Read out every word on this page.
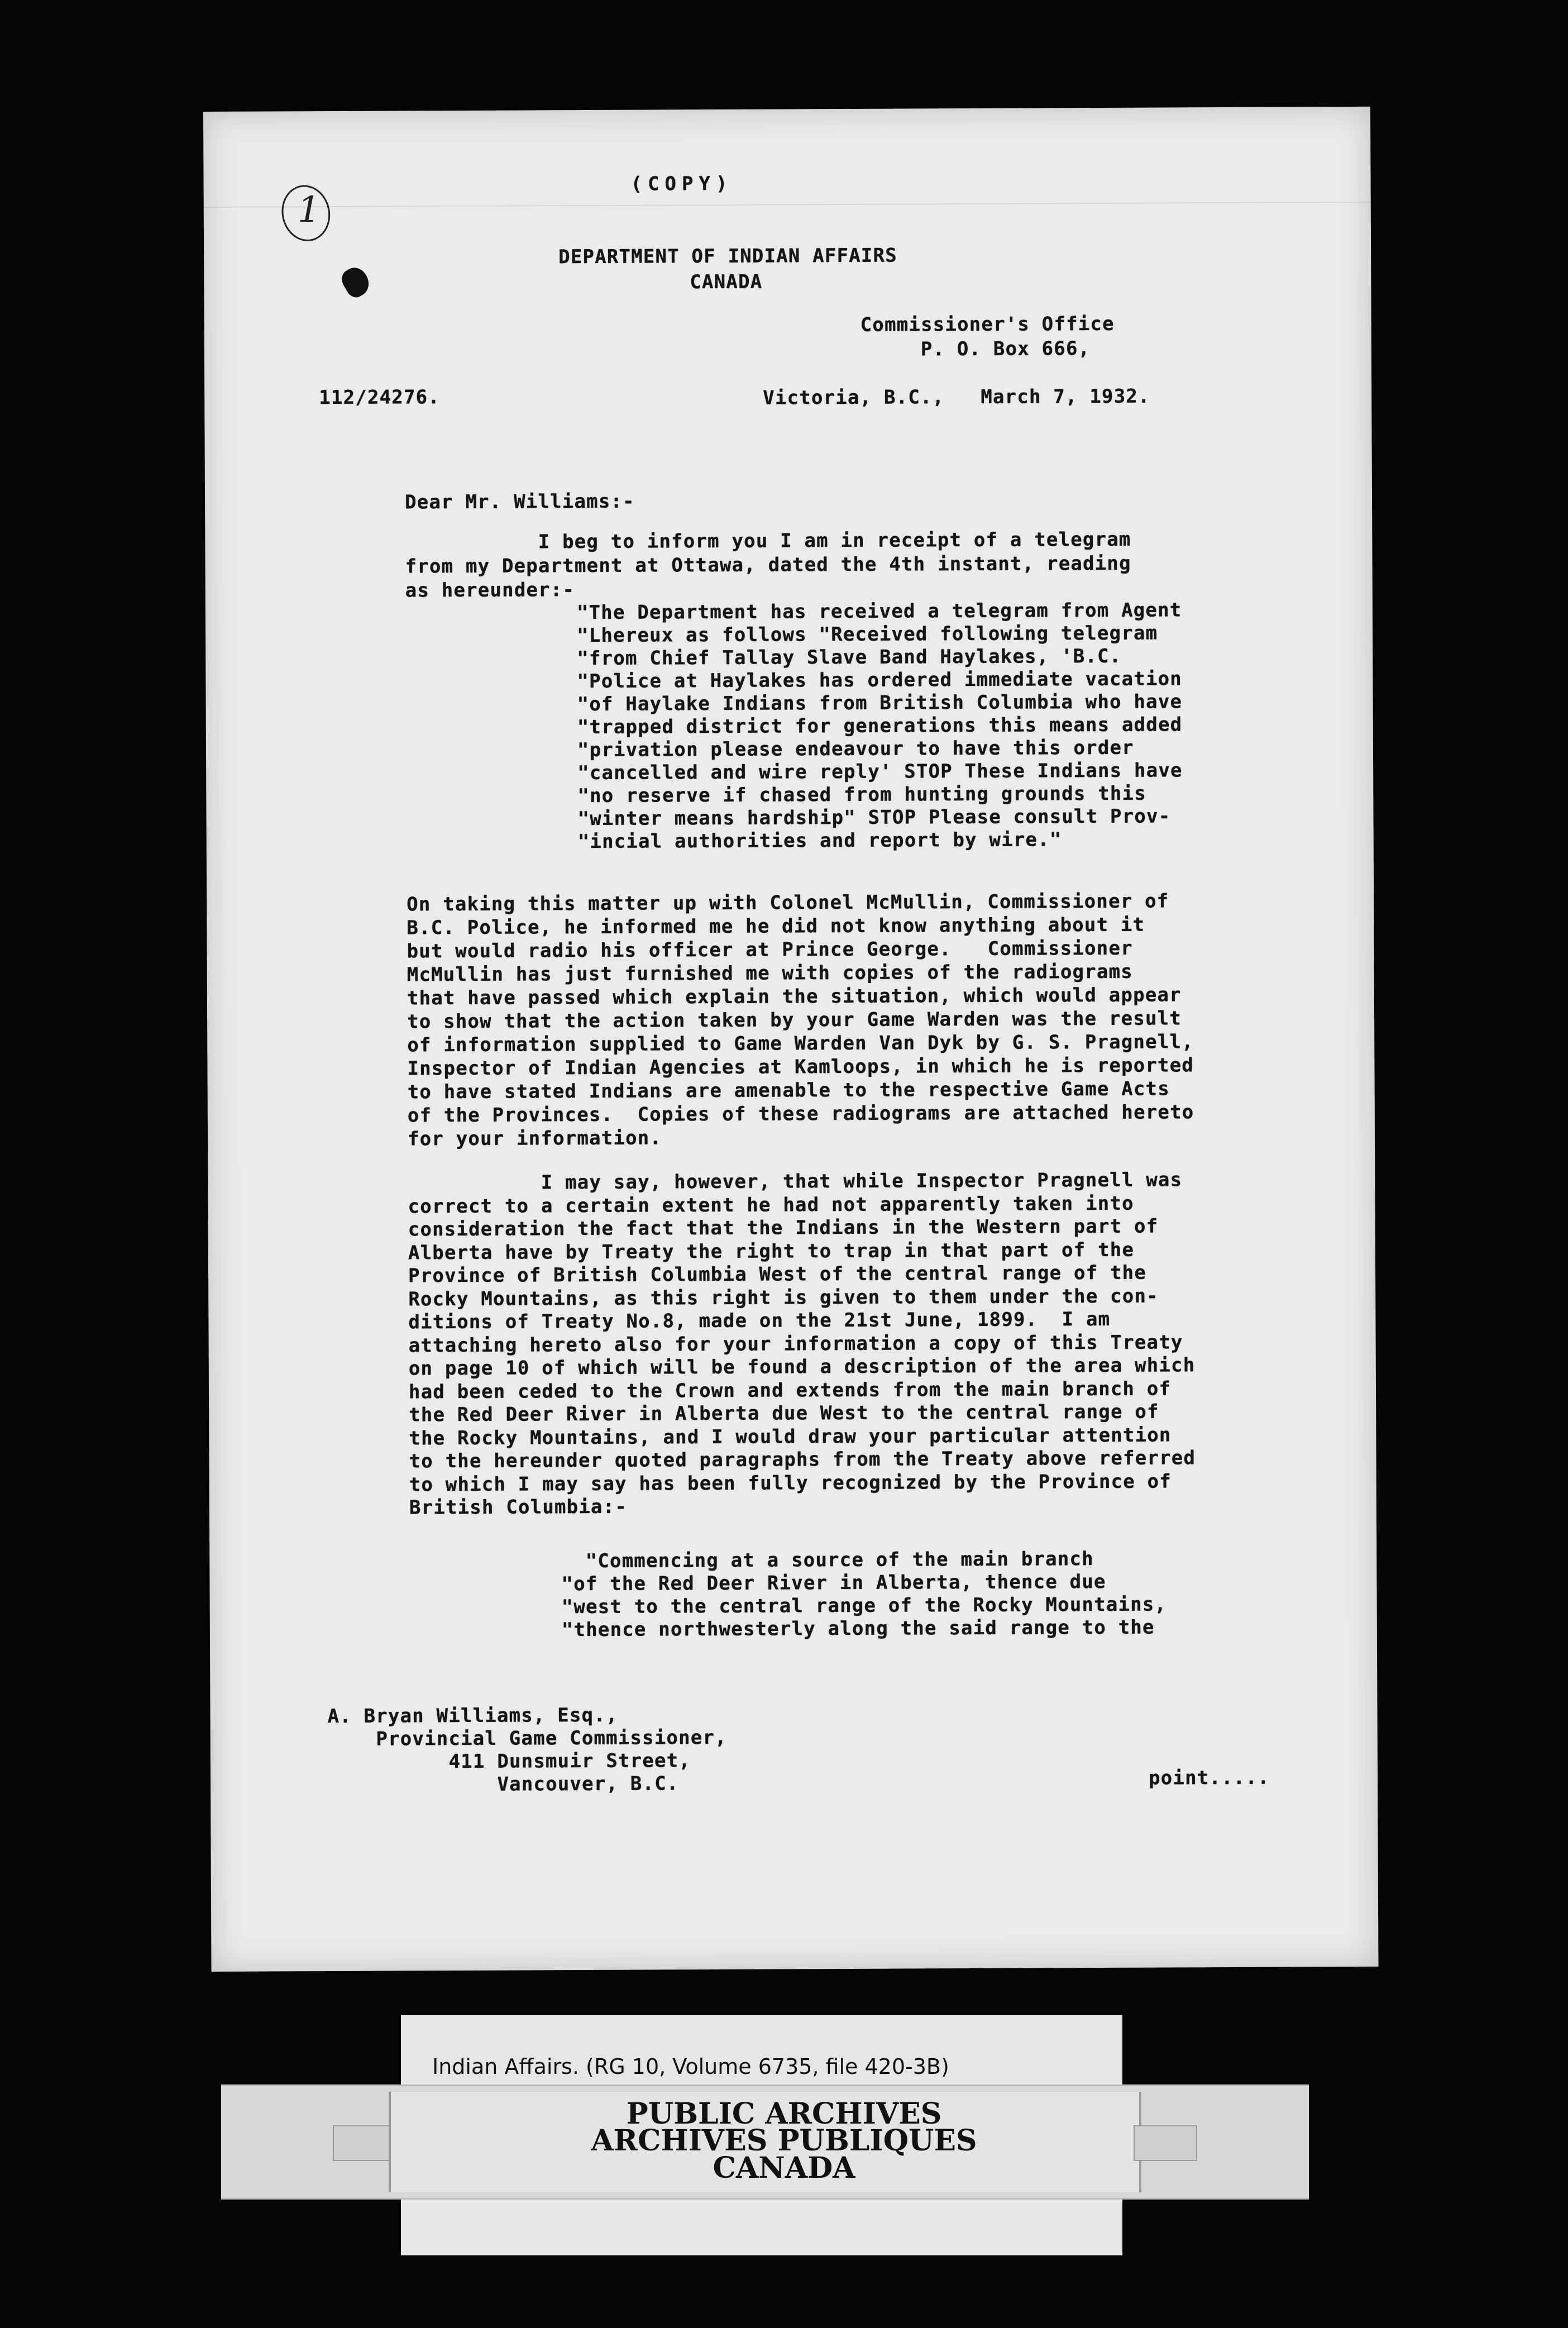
1
(COPY)
DEPARTMENT OF INDIAN AFFAIRS
CANADA
Commissioner's Office
P. O. Box 666,
112/24276.	Victoria, B.C.,   March 7, 1932.
Dear Mr. Williams:-
I beg to inform you I am in receipt of a telegram
from my Department at Ottawa, dated the 4th instant, reading
as hereunder:-
"The Department has received a telegram from Agent
"Lhereux as follows "Received following telegram
"from Chief Tallay Slave Band Haylakes, 'B.C.
"Police at Haylakes has ordered immediate vacation
"of Haylake Indians from British Columbia who have
"trapped district for generations this means added
"privation please endeavour to have this order
"cancelled and wire reply' STOP These Indians have
"no reserve if chased from hunting grounds this
"winter means hardship" STOP Please consult Prov-
"incial authorities and report by wire."
On taking this matter up with Colonel McMullin, Commissioner of
B.C. Police, he informed me he did not know anything about it
but would radio his officer at Prince George.   Commissioner
McMullin has just furnished me with copies of the radiograms
that have passed which explain the situation, which would appear
to show that the action taken by your Game Warden was the result
of information supplied to Game Warden Van Dyk by G. S. Pragnell,
Inspector of Indian Agencies at Kamloops, in which he is reported
to have stated Indians are amenable to the respective Game Acts
of the Provinces.  Copies of these radiograms are attached hereto
for your information.
I may say, however, that while Inspector Pragnell was
correct to a certain extent he had not apparently taken into
consideration the fact that the Indians in the Western part of
Alberta have by Treaty the right to trap in that part of the
Province of British Columbia West of the central range of the
Rocky Mountains, as this right is given to them under the con-
ditions of Treaty No.8, made on the 21st June, 1899.  I am
attaching hereto also for your information a copy of this Treaty
on page 10 of which will be found a description of the area which
had been ceded to the Crown and extends from the main branch of
the Red Deer River in Alberta due West to the central range of
the Rocky Mountains, and I would draw your particular attention
to the hereunder quoted paragraphs from the Treaty above referred
to which I may say has been fully recognized by the Province of
British Columbia:-
"Commencing at a source of the main branch
"of the Red Deer River in Alberta, thence due
"west to the central range of the Rocky Mountains,
"thence northwesterly along the said range to the
A. Bryan Williams, Esq.,
Provincial Game Commissioner,
411 Dunsmuir Street,
Vancouver, B.C.	point.....
Indian Affairs. (RG 10, Volume 6735, file 420-3B)
PUBLIC ARCHIVES
ARCHIVES PUBLIQUES
CANADA
